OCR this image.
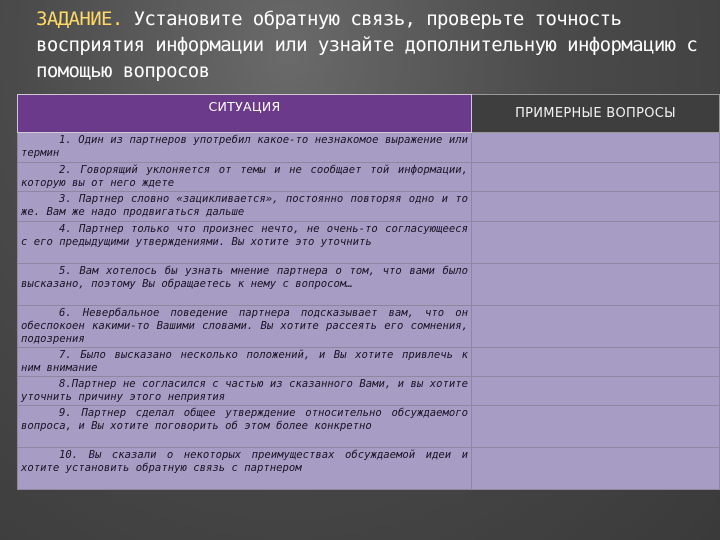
ЗАДАНИЕ. Установите обратную связь, проверьте точность восприятия информации или узнайте дополнительную информацию с помощью вопросов
СИТУАЦИЯ	ПРИМЕРНЫЕ ВОПРОСЫ

1. Один из партнеров употребил какое-то незнакомое выражение или термин	

2. Говорящий уклоняется от темы и не сообщает той информации, которую вы от него ждете	

3. Партнер словно «зацикливается», постоянно повторяя одно и то же. Вам же надо продвигаться дальше	

4. Партнер только что произнес нечто, не очень-то согласующееся с его предыдущими утверждениями. Вы хотите это уточнить	

5. Вам хотелось бы узнать мнение партнера о том, что вами было высказано, поэтому Вы обращаетесь к нему с вопросом…	

6. Невербальное поведение партнера подсказывает вам, что он обеспокоен какими-то Вашими словами. Вы хотите рассеять его сомнения, подозрения	

7. Было высказано несколько положений, и Вы хотите привлечь к ним внимание	

8.Партнер не согласился с частью из сказанного Вами, и вы хотите уточнить причину этого неприятия	

9. Партнер сделал общее утверждение относительно обсуждаемого вопроса, и Вы хотите поговорить об этом более конкретно	

10. Вы сказали о некоторых преимуществах обсуждаемой идеи и хотите установить обратную связь с партнером	
